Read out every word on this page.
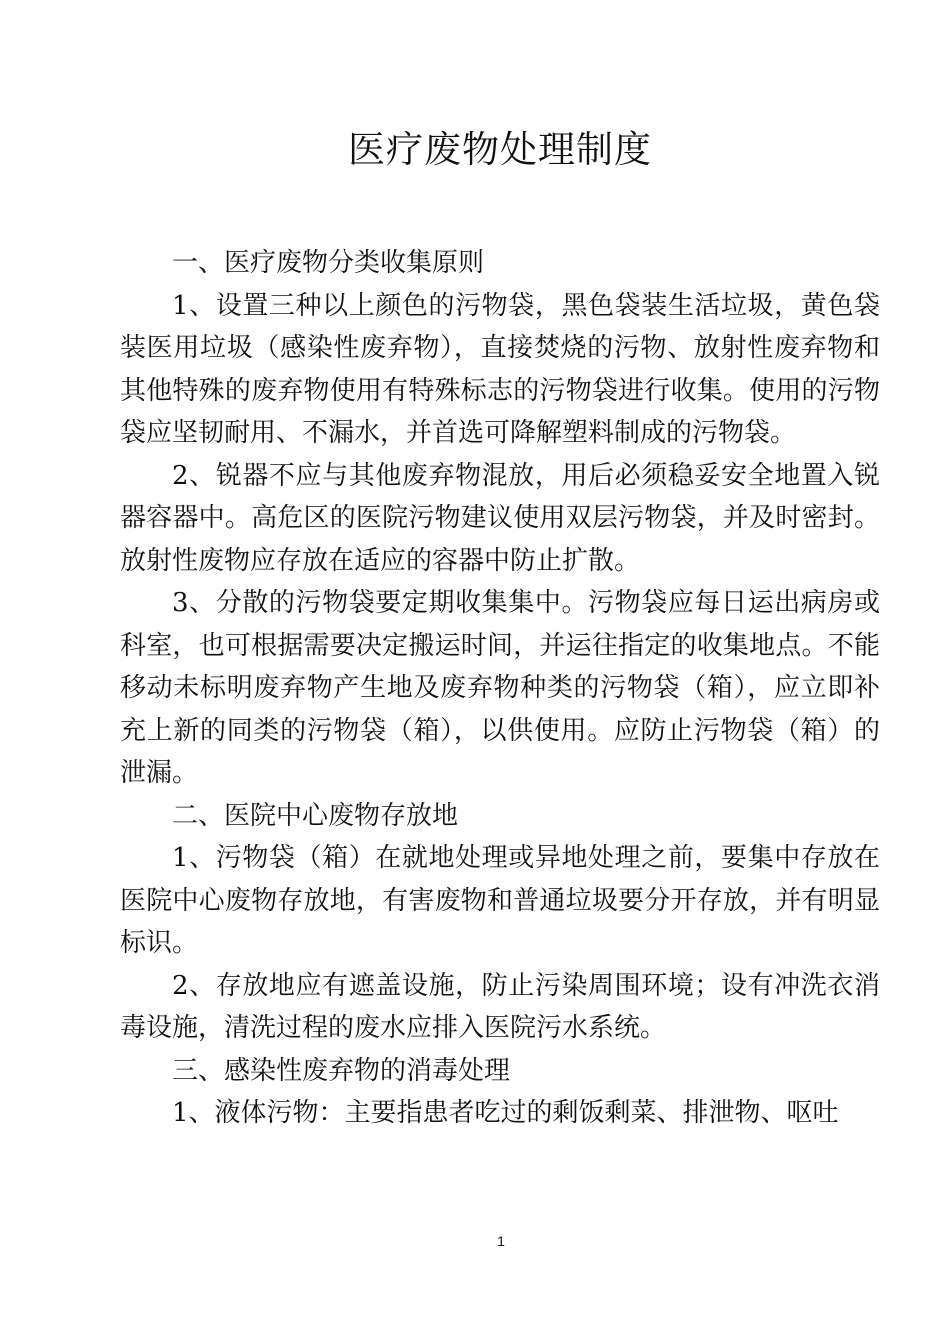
医疗废物处理制度

一、医疗废物分类收集原则

1、设置三种以上颜色的污物袋，黑色袋装生活垃圾，黄色袋装医用垃圾（感染性废弃物），直接焚烧的污物、放射性废弃物和其他特殊的废弃物使用有特殊标志的污物袋进行收集。使用的污物袋应坚韧耐用、不漏水，并首选可降解塑料制成的污物袋。

2、锐器不应与其他废弃物混放，用后必须稳妥安全地置入锐器容器中。高危区的医院污物建议使用双层污物袋，并及时密封。放射性废物应存放在适应的容器中防止扩散。

3、分散的污物袋要定期收集集中。污物袋应每日运出病房或科室，也可根据需要决定搬运时间，并运往指定的收集地点。不能移动未标明废弃物产生地及废弃物种类的污物袋（箱），应立即补充上新的同类的污物袋（箱），以供使用。应防止污物袋（箱）的泄漏。

二、医院中心废物存放地

1、污物袋（箱）在就地处理或异地处理之前，要集中存放在医院中心废物存放地，有害废物和普通垃圾要分开存放，并有明显标识。

2、存放地应有遮盖设施，防止污染周围环境；设有冲洗衣消毒设施，清洗过程的废水应排入医院污水系统。

三、感染性废弃物的消毒处理

1、液体污物：主要指患者吃过的剩饭剩菜、排泄物、呕吐

1
